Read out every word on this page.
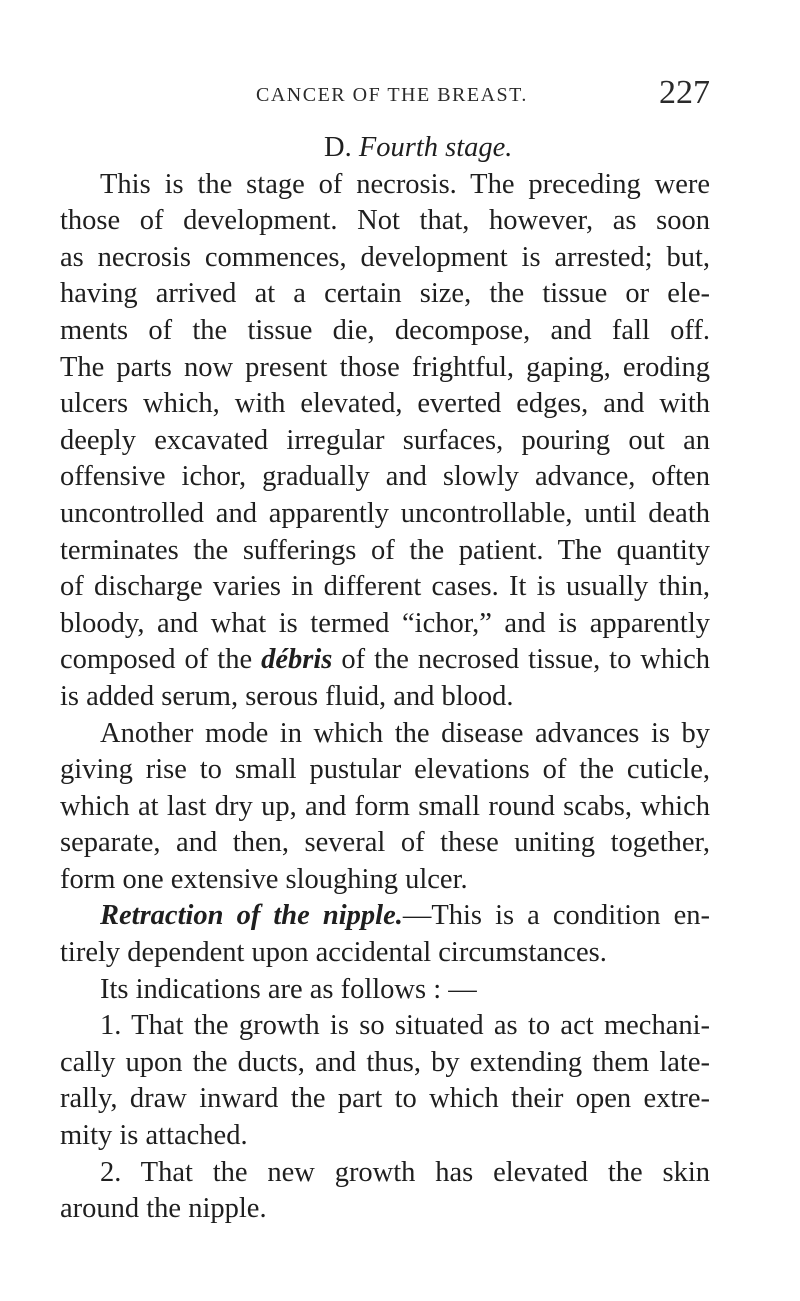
CANCER OF THE BREAST.	227
D. Fourth stage.
This is the stage of necrosis. The preceding were
those of development. Not that, however, as soon
as necrosis commences, development is arrested; but,
having arrived at a certain size, the tissue or ele-
ments of the tissue die, decompose, and fall off.
The parts now present those frightful, gaping, eroding
ulcers which, with elevated, everted edges, and with
deeply excavated irregular surfaces, pouring out an
offensive ichor, gradually and slowly advance, often
uncontrolled and apparently uncontrollable, until death
terminates the sufferings of the patient. The quantity
of discharge varies in different cases. It is usually thin,
bloody, and what is termed “ichor,” and is apparently
composed of the débris of the necrosed tissue, to which
is added serum, serous fluid, and blood.
Another mode in which the disease advances is by
giving rise to small pustular elevations of the cuticle,
which at last dry up, and form small round scabs, which
separate, and then, several of these uniting together,
form one extensive sloughing ulcer.
Retraction of the nipple.—This is a condition en-
tirely dependent upon accidental circumstances.
Its indications are as follows : —
1. That the growth is so situated as to act mechani-
cally upon the ducts, and thus, by extending them late-
rally, draw inward the part to which their open extre-
mity is attached.
2. That the new growth has elevated the skin
around the nipple.
